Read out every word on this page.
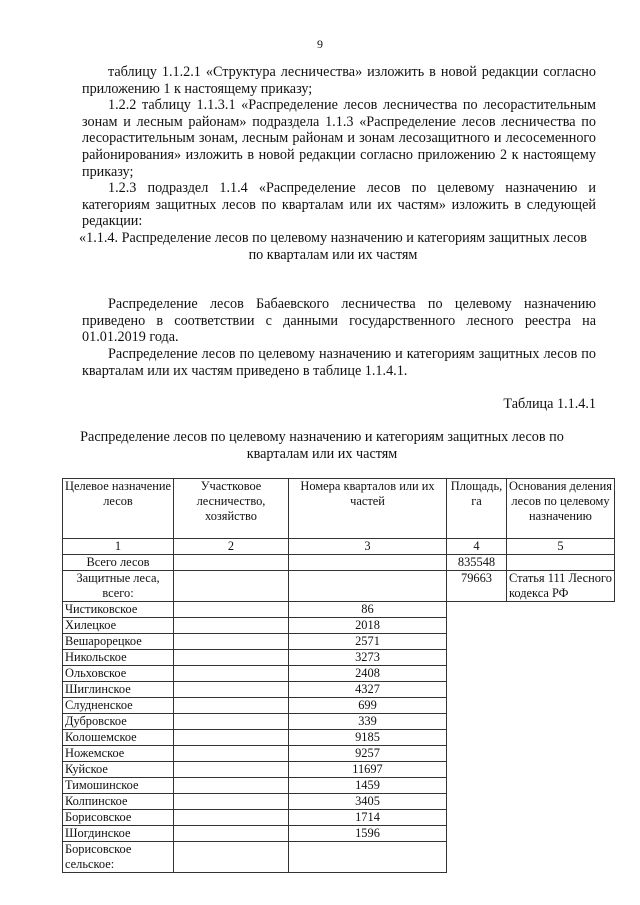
9

таблицу 1.1.2.1 «Структура лесничества» изложить в новой редакции согласно приложению 1 к настоящему приказу;

1.2.2 таблицу 1.1.3.1 «Распределение лесов лесничества по лесорастительным зонам и лесным районам» подраздела 1.1.3 «Распределение лесов лесничества по лесорастительным зонам, лесным районам и зонам лесозащитного и лесосеменного районирования» изложить в новой редакции согласно приложению 2 к настоящему приказу;

1.2.3 подраздел 1.1.4 «Распределение лесов по целевому назначению и категориям защитных лесов по кварталам или их частям» изложить в следующей редакции:

«1.1.4. Распределение лесов по целевому назначению и категориям защитных лесов по кварталам или их частям

Распределение лесов Бабаевского лесничества по целевому назначению приведено в соответствии с данными государственного лесного реестра на 01.01.2019 года.

Распределение лесов по целевому назначению и категориям защитных лесов по кварталам или их частям приведено в таблице 1.1.4.1.

Таблица 1.1.4.1
Распределение лесов по целевому назначению и категориям защитных лесов по кварталам или их частям
Целевое назначение лесов	Участковое лесничество, хозяйство	Номера кварталов или их частей	Площадь, га	Основания деления лесов по целевому назначению
1	2	3	4	5
Всего лесов			835548	
Защитные леса, всего:			79663	Статья 111 Лесного кодекса РФ
Чистиковское		86		
Хилецкое		2018		
Вешарорецкое		2571		
Никольское		3273		
Ольховское		2408		
Шиглинское		4327		
Слудненское		699		
Дубровское		339		
Колошемское		9185		
Ножемское		9257		
Куйское		11697		
Тимошинское		1459		
Колпинское		3405		
Борисовское		1714		
Шогдинское		1596		
Борисовское сельское:				
